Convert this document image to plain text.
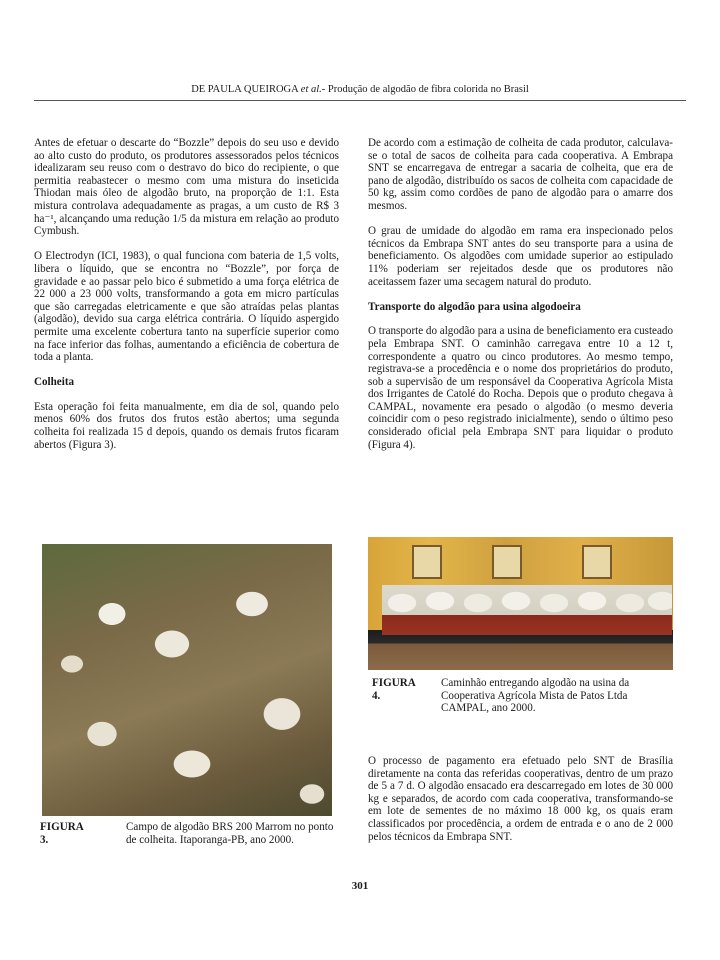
DE PAULA QUEIROGA et al.- Produção de algodão de fibra colorida no Brasil

Antes de efetuar o descarte do “Bozzle” depois do seu uso e devido ao alto custo do produto, os produtores assessorados pelos técnicos idealizaram seu reuso com o destravo do bico do recipiente, o que permitia reabastecer o mesmo com uma mistura do inseticida Thiodan mais óleo de algodão bruto, na proporção de 1:1. Esta mistura controlava adequadamente as pragas, a um custo de R$ 3 ha⁻¹, alcançando uma redução 1/5 da mistura em relação ao produto Cymbush.

O Electrodyn (ICI, 1983), o qual funciona com bateria de 1,5 volts, libera o líquido, que se encontra no “Bozzle”, por força de gravidade e ao passar pelo bico é submetido a uma força elétrica de 22 000 a 23 000 volts, transformando a gota em micro partículas que são carregadas eletricamente e que são atraídas pelas plantas (algodão), devido sua carga elétrica contrária. O líquido aspergido permite uma excelente cobertura tanto na superfície superior como na face inferior das folhas, aumentando a eficiência de cobertura de toda a planta.

Colheita

Esta operação foi feita manualmente, em dia de sol, quando pelo menos 60% dos frutos dos frutos estão abertos; uma segunda colheita foi realizada 15 d depois, quando os demais frutos ficaram abertos (Figura 3).

De acordo com a estimação de colheita de cada produtor, calculava-se o total de sacos de colheita para cada cooperativa. A Embrapa SNT se encarregava de entregar a sacaria de colheita, que era de pano de algodão, distribuído os sacos de colheita com capacidade de 50 kg, assim como cordões de pano de algodão para o amarre dos mesmos.

O grau de umidade do algodão em rama era inspecionado pelos técnicos da Embrapa SNT antes do seu transporte para a usina de beneficiamento. Os algodões com umidade superior ao estipulado 11% poderiam ser rejeitados desde que os produtores não aceitassem fazer uma secagem natural do produto.

Transporte do algodão para usina algodoeira

O transporte do algodão para a usina de beneficiamento era custeado pela Embrapa SNT. O caminhão carregava entre 10 a 12 t, correspondente a quatro ou cinco produtores. Ao mesmo tempo, registrava-se a procedência e o nome dos proprietários do produto, sob a supervisão de um responsável da Cooperativa Agrícola Mista dos Irrigantes de Catolé do Rocha. Depois que o produto chegava à CAMPAL, novamente era pesado o algodão (o mesmo deveria coincidir com o peso registrado inicialmente), sendo o último peso considerado oficial pela Embrapa SNT para liquidar o produto (Figura 4).

FIGURA 3.
Campo de algodão BRS 200 Marrom no ponto de colheita. Itaporanga-PB, ano 2000.
FIGURA 4.
Caminhão entregando algodão na usina da Cooperativa Agrícola Mista de Patos Ltda CAMPAL, ano 2000.

O processo de pagamento era efetuado pelo SNT de Brasília diretamente na conta das referidas cooperativas, dentro de um prazo de 5 a 7 d. O algodão ensacado era descarregado em lotes de 30 000 kg e separados, de acordo com cada cooperativa, transformando-se em lote de sementes de no máximo 18 000 kg, os quais eram classificados por procedência, a ordem de entrada e o ano de 2 000 pelos técnicos da Embrapa SNT.

301
